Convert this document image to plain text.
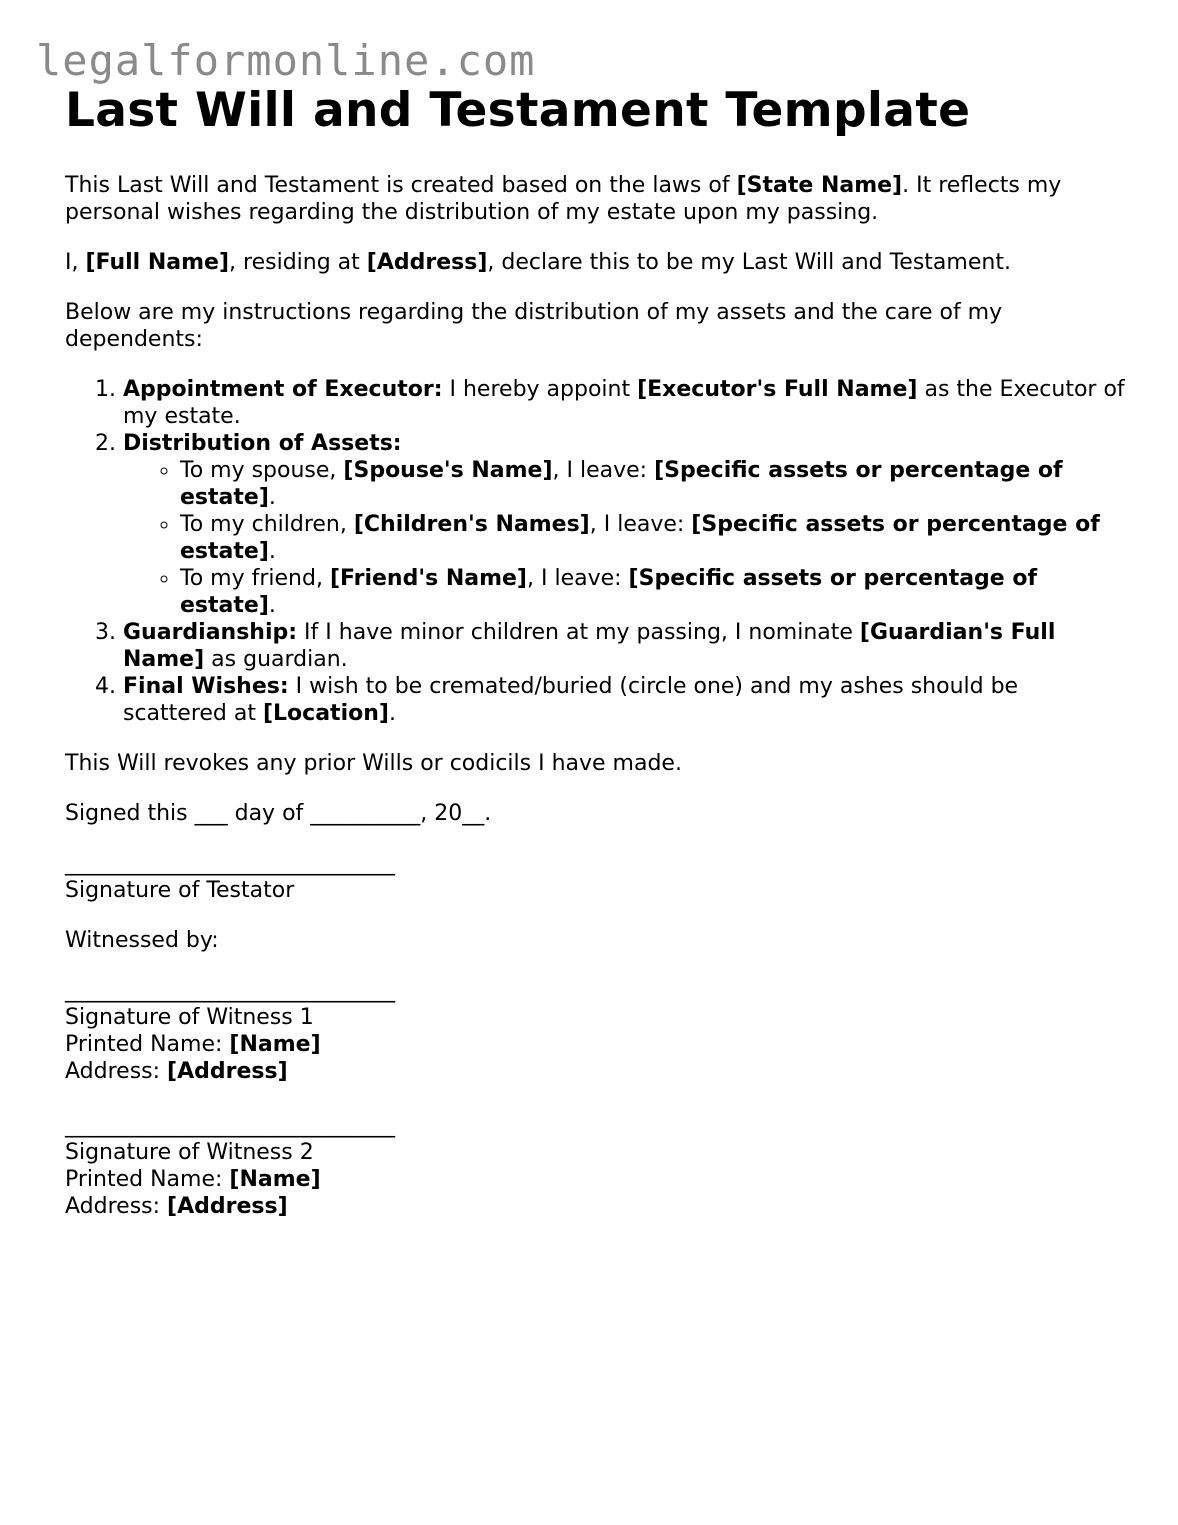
legalformonline.com
Last Will and Testament Template

This Last Will and Testament is created based on the laws of [State Name]. It reflects my personal wishes regarding the distribution of my estate upon my passing.

I, [Full Name], residing at [Address], declare this to be my Last Will and Testament.

Below are my instructions regarding the distribution of my assets and the care of my dependents:

1. Appointment of Executor: I hereby appoint [Executor's Full Name] as the Executor of my estate.
2. Distribution of Assets:
◦ To my spouse, [Spouse's Name], I leave: [Specific assets or percentage of estate].
◦ To my children, [Children's Names], I leave: [Specific assets or percentage of estate].
◦ To my friend, [Friend's Name], I leave: [Specific assets or percentage of estate].
3. Guardianship: If I have minor children at my passing, I nominate [Guardian's Full Name] as guardian.
4. Final Wishes: I wish to be cremated/buried (circle one) and my ashes should be scattered at [Location].

This Will revokes any prior Wills or codicils I have made.

Signed this ___ day of __________, 20__.

______________________________
Signature of Testator

Witnessed by:

______________________________
Signature of Witness 1
Printed Name: [Name]
Address: [Address]
______________________________
Signature of Witness 2
Printed Name: [Name]
Address: [Address]
